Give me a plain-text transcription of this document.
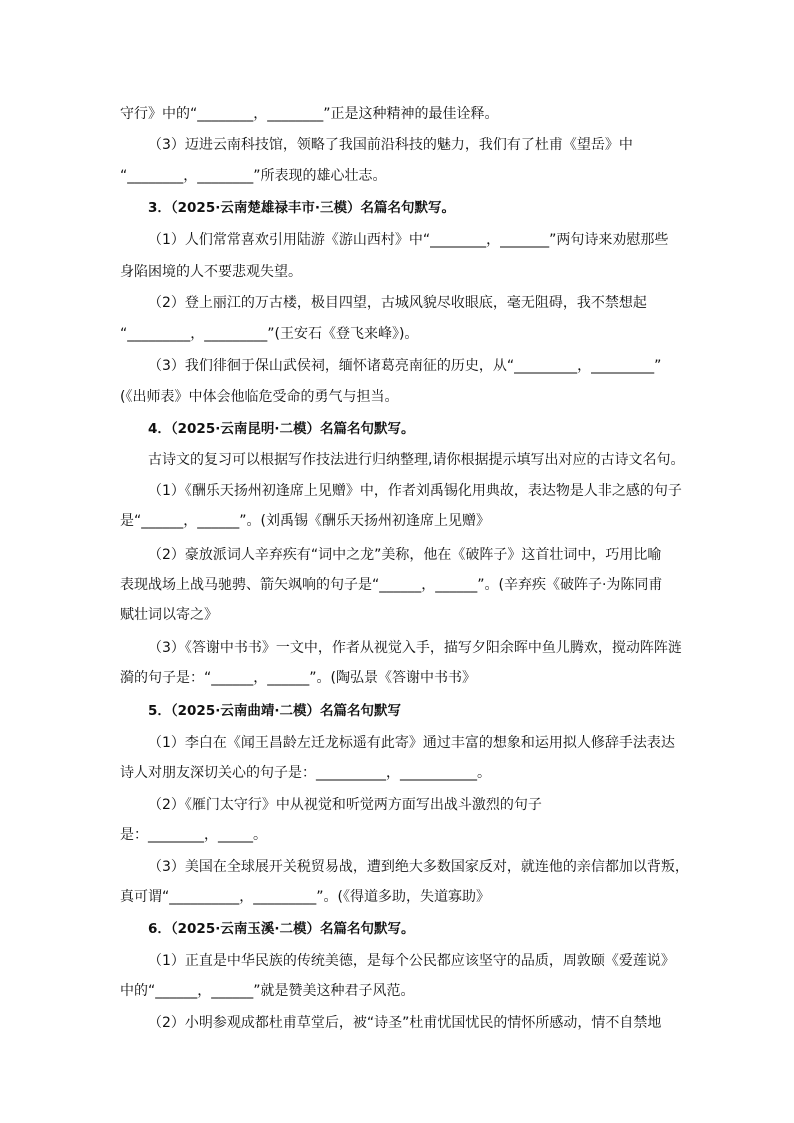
守行》中的“________，________”正是这种精神的最佳诠释。
（3）迈进云南科技馆，领略了我国前沿科技的魅力，我们有了杜甫《望岳》中
“________，________”所表现的雄心壮志。
3．（2025·云南楚雄禄丰市·三模）名篇名句默写。
（1）人们常常喜欢引用陆游《游山西村》中“________，_______”两句诗来劝慰那些
身陷困境的人不要悲观失望。
（2）登上丽江的万古楼，极目四望，古城风貌尽收眼底，毫无阻碍，我不禁想起
“_________，_________”(王安石《登飞来峰》)。
（3）我们徘徊于保山武侯祠，缅怀诸葛亮南征的历史，从“_________，_________”
(《出师表》中体会他临危受命的勇气与担当。
4．（2025·云南昆明·二模）名篇名句默写。
古诗文的复习可以根据写作技法进行归纳整理,请你根据提示填写出对应的古诗文名句。
（1）《酬乐天扬州初逢席上见赠》中，作者刘禹锡化用典故，表达物是人非之感的句子
是“______，______”。(刘禹锡《酬乐天扬州初逢席上见赠》
（2）豪放派词人辛弃疾有“词中之龙”美称，他在《破阵子》这首壮词中，巧用比喻
表现战场上战马驰骋、箭矢飒响的句子是“______，______”。(辛弃疾《破阵子·为陈同甫
赋壮词以寄之》
（3）《答谢中书书》一文中，作者从视觉入手，描写夕阳余晖中鱼儿腾欢，搅动阵阵涟
漪的句子是：“______，______”。(陶弘景《答谢中书书》
5．（2025·云南曲靖·二模）名篇名句默写
（1）李白在《闻王昌龄左迁龙标遥有此寄》通过丰富的想象和运用拟人修辞手法表达
诗人对朋友深切关心的句子是：__________，___________。
（2）《雁门太守行》中从视觉和听觉两方面写出战斗激烈的句子
是：________，_____。
（3）美国在全球展开关税贸易战，遭到绝大多数国家反对，就连他的亲信都加以背叛，
真可谓“__________，_________”。(《得道多助，失道寡助》
6．（2025·云南玉溪·二模）名篇名句默写。
（1）正直是中华民族的传统美德，是每个公民都应该坚守的品质，周敦颐《爱莲说》
中的“______，______”就是赞美这种君子风范。
（2）小明参观成都杜甫草堂后，被“诗圣”杜甫忧国忧民的情怀所感动，情不自禁地
